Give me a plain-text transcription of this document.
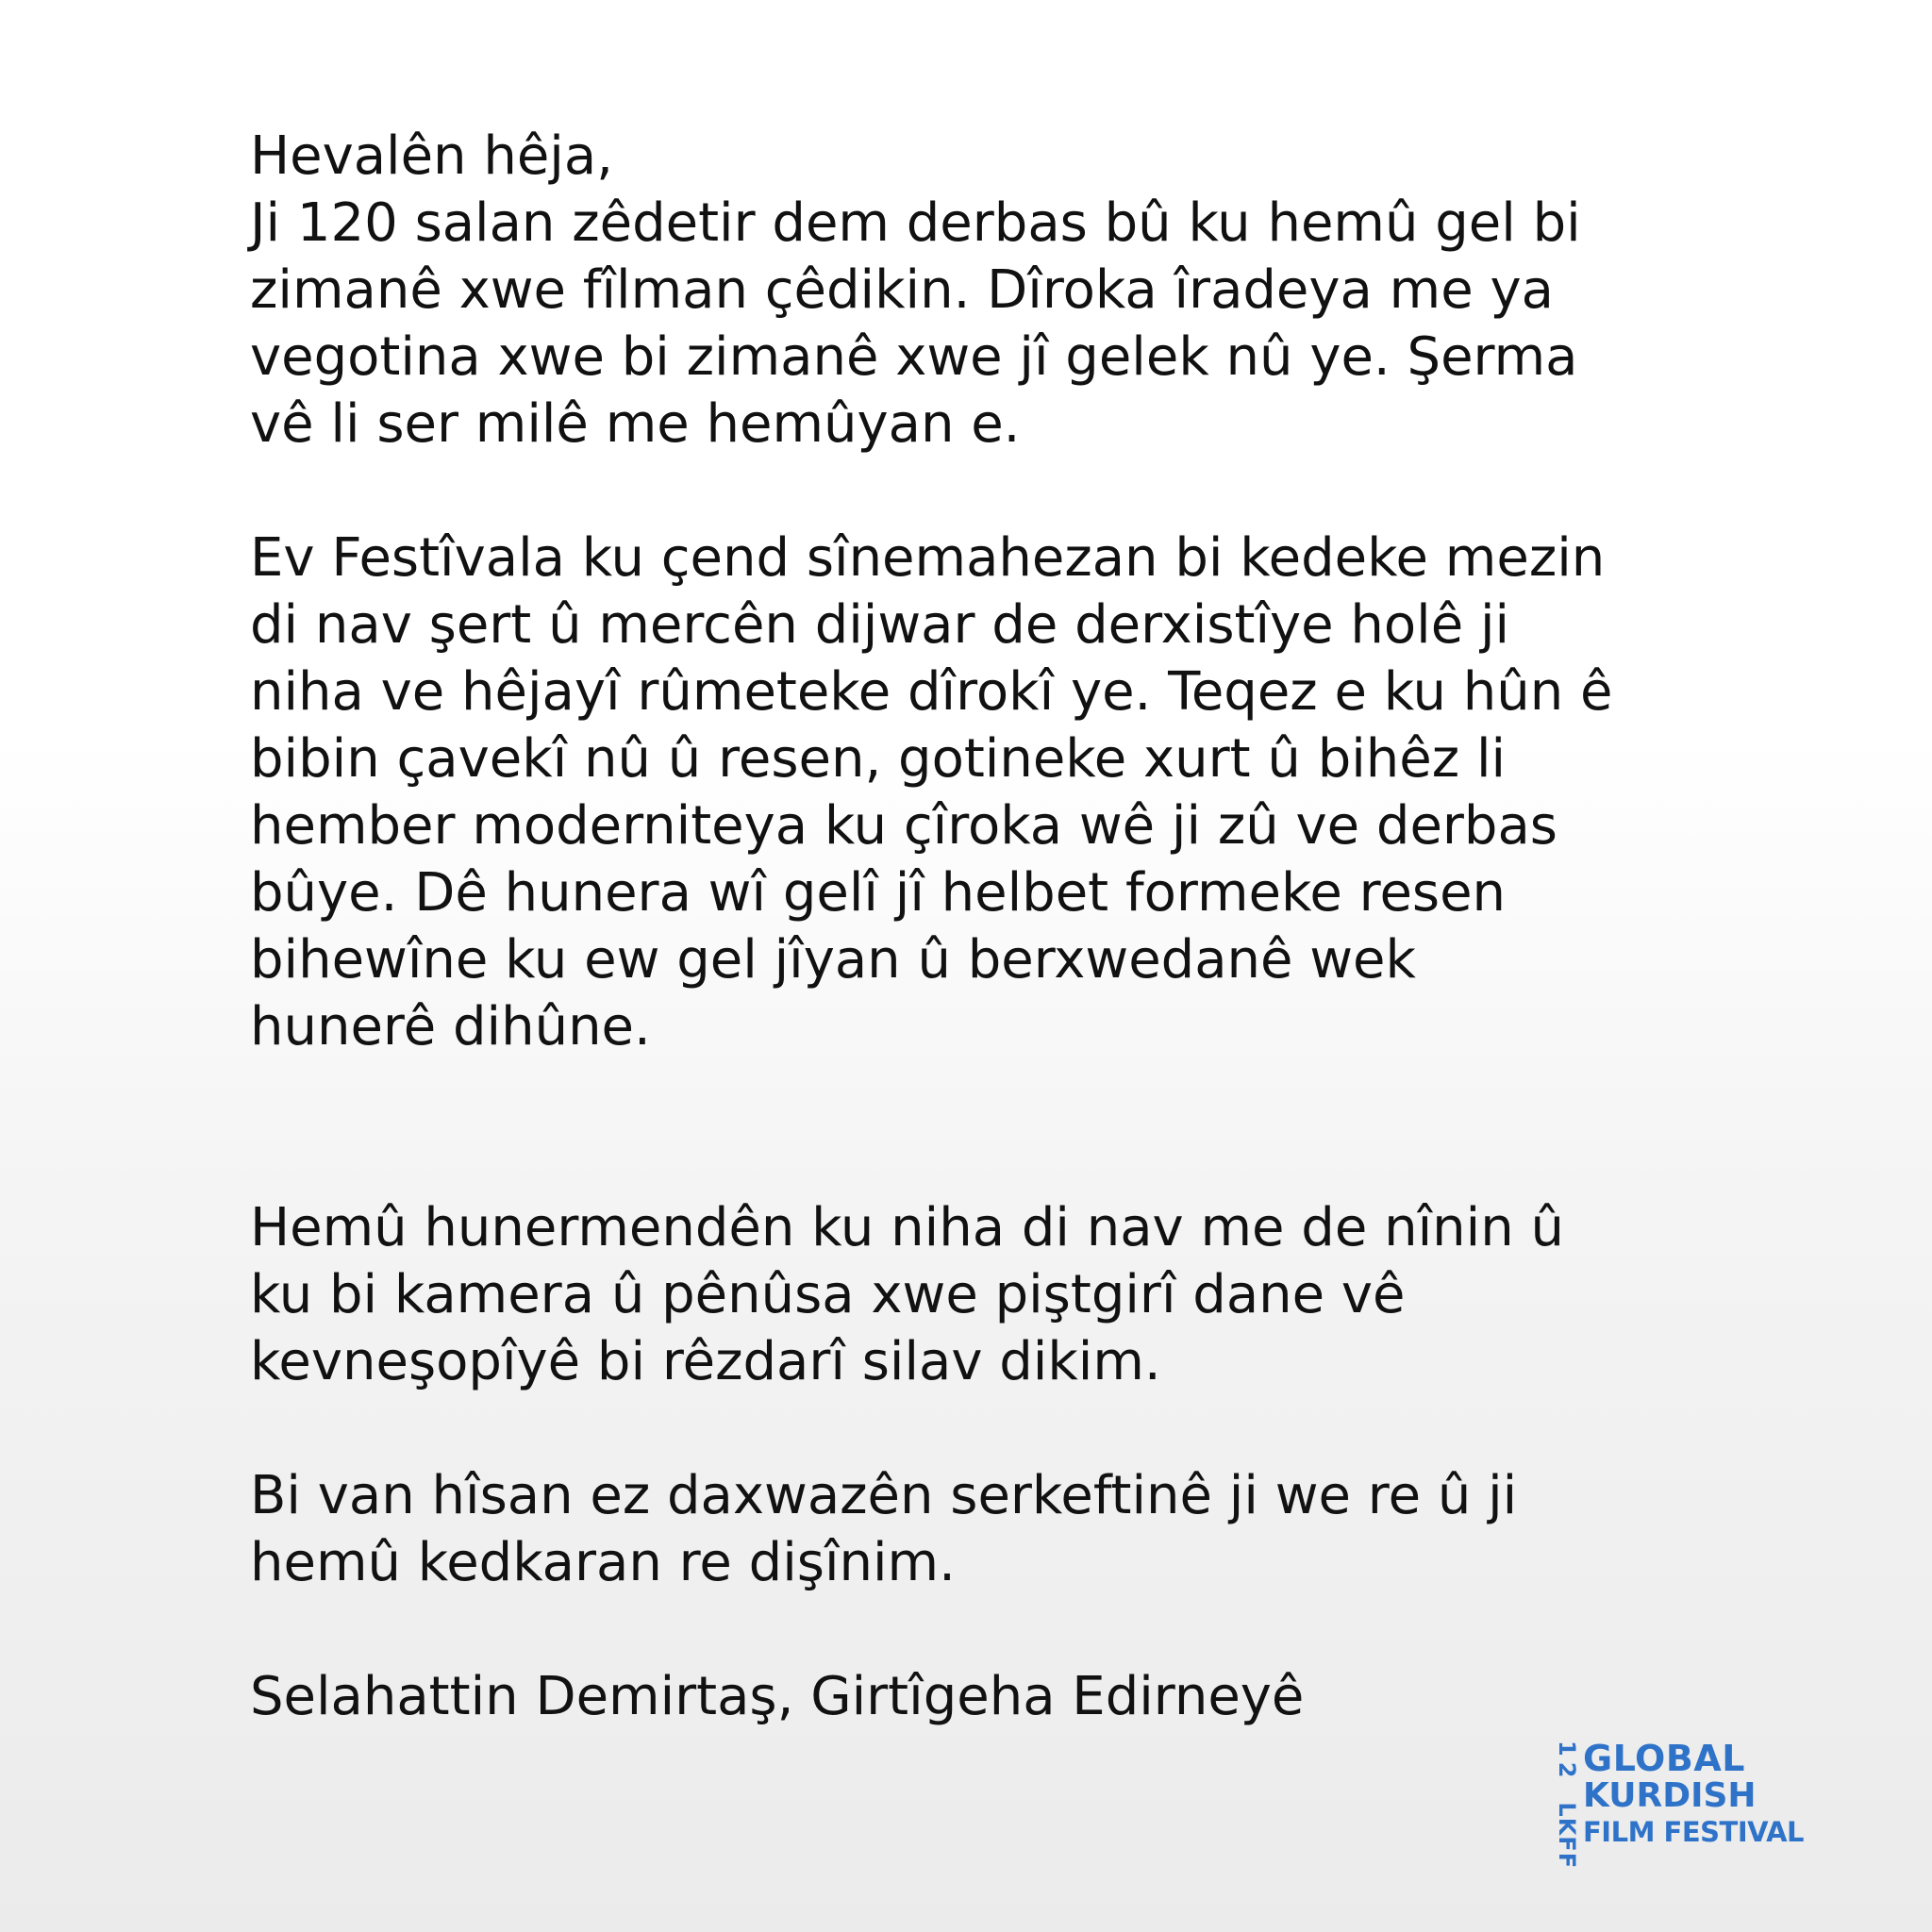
Hevalên hêja,
Ji 120 salan zêdetir dem derbas bû ku hemû gel bi
zimanê xwe fîlman çêdikin. Dîroka îradeya me ya
vegotina xwe bi zimanê xwe jî gelek nû ye. Şerma
vê li ser milê me hemûyan e.
Ev Festîvala ku çend sînemahezan bi kedeke mezin
di nav şert û mercên dijwar de derxistîye holê ji
niha ve hêjayî rûmeteke dîrokî ye. Teqez e ku hûn ê
bibin çavekî nû û resen, gotineke xurt û bihêz li
hember moderniteya ku çîroka wê ji zû ve derbas
bûye. Dê hunera wî gelî jî helbet formeke resen
bihewîne ku ew gel jîyan û berxwedanê wek
hunerê dihûne.
Hemû hunermendên ku niha di nav me de nînin û
ku bi kamera û pênûsa xwe piştgirî dane vê
kevneşopîyê bi rêzdarî silav dikim.
Bi van hîsan ez daxwazên serkeftinê ji we re û ji
hemû kedkaran re dişînim.
Selahattin Demirtaş, Girtîgeha Edirneyê
12LKFF
GLOBAL
KURDISH
FILM FESTIVAL
